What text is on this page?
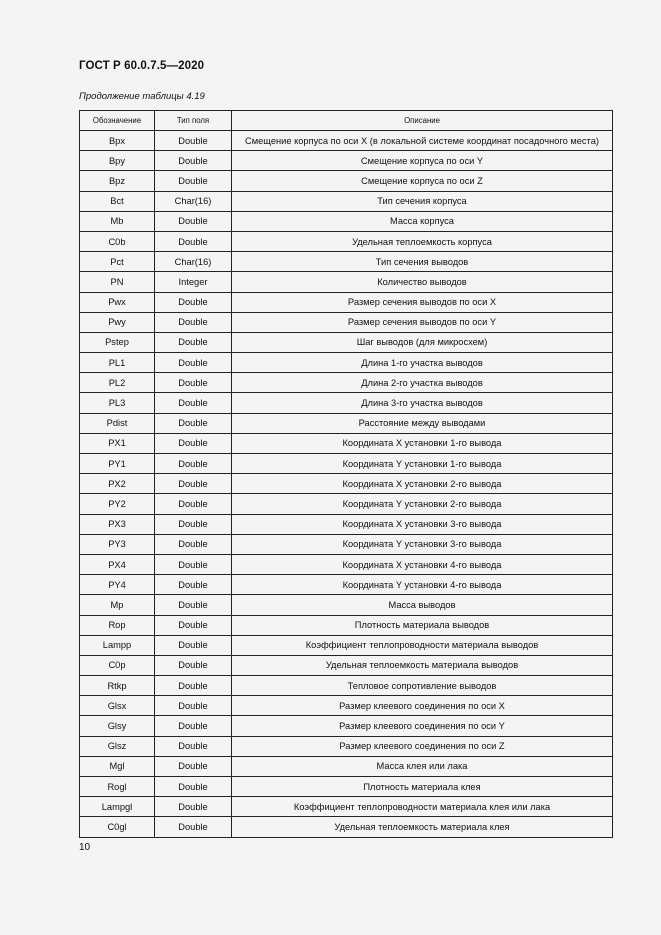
ГОСТ Р 60.0.7.5—2020
Продолжение таблицы 4.19
Обозначение	Тип поля	Описание
Bpx	Double	Смещение корпуса по оси X (в локальной системе координат посадочного места)
Bpy	Double	Смещение корпуса по оси Y
Bpz	Double	Смещение корпуса по оси Z
Bct	Char(16)	Тип сечения корпуса
Mb	Double	Масса корпуса
C0b	Double	Удельная теплоемкость корпуса
Pct	Char(16)	Тип сечения выводов
PN	Integer	Количество выводов
Pwx	Double	Размер сечения выводов по оси X
Pwy	Double	Размер сечения выводов по оси Y
Pstep	Double	Шаг выводов (для микросхем)
PL1	Double	Длина 1-го участка выводов
PL2	Double	Длина 2-го участка выводов
PL3	Double	Длина 3-го участка выводов
Pdist	Double	Расстояние между выводами
PX1	Double	Координата X установки 1-го вывода
PY1	Double	Координата Y установки 1-го вывода
PX2	Double	Координата X установки 2-го вывода
PY2	Double	Координата Y установки 2-го вывода
PX3	Double	Координата X установки 3-го вывода
PY3	Double	Координата Y установки 3-го вывода
PX4	Double	Координата X установки 4-го вывода
PY4	Double	Координата Y установки 4-го вывода
Mp	Double	Масса выводов
Rop	Double	Плотность материала выводов
Lampp	Double	Коэффициент теплопроводности материала выводов
C0p	Double	Удельная теплоемкость материала выводов
Rtkp	Double	Тепловое сопротивление выводов
Glsx	Double	Размер клеевого соединения по оси X
Glsy	Double	Размер клеевого соединения по оси Y
Glsz	Double	Размер клеевого соединения по оси Z
Mgl	Double	Масса клея или лака
Rogl	Double	Плотность материала клея
Lampgl	Double	Коэффициент теплопроводности материала клея или лака
C0gl	Double	Удельная теплоемкость материала клея
10
